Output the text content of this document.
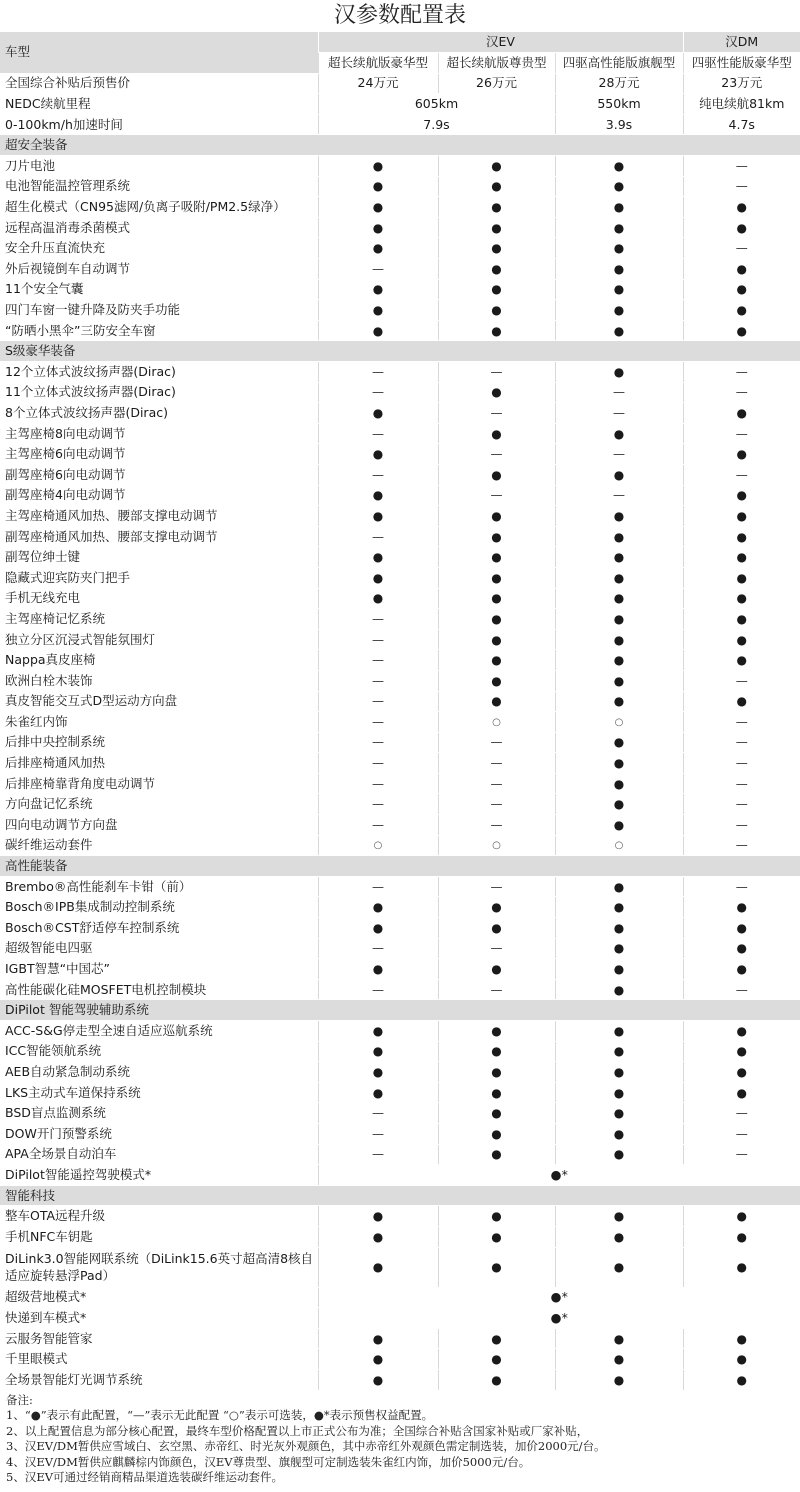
汉参数配置表
车型	汉EV			汉DM
	超长续航版豪华型	超长续航版尊贵型	四驱高性能版旗舰型	四驱性能版豪华型
全国综合补贴后预售价	24万元	26万元	28万元	23万元
NEDC续航里程	605km		550km	纯电续航81km
0-100km/h加速时间	7.9s		3.9s	4.7s
超安全装备				
刀片电池	●	●	●	—
电池智能温控管理系统	●	●	●	—
超生化模式（CN95滤网/负离子吸附/PM2.5绿净）	●	●	●	●
远程高温消毒杀菌模式	●	●	●	●
安全升压直流快充	●	●	●	—
外后视镜倒车自动调节	—	●	●	●
11个安全气囊	●	●	●	●
四门车窗一键升降及防夹手功能	●	●	●	●
“防晒小黑伞”三防安全车窗	●	●	●	●
S级豪华装备				
12个立体式波纹扬声器(Dirac)	—	—	●	—
11个立体式波纹扬声器(Dirac)	—	●	—	—
8个立体式波纹扬声器(Dirac)	●	—	—	●
主驾座椅8向电动调节	—	●	●	—
主驾座椅6向电动调节	●	—	—	●
副驾座椅6向电动调节	—	●	●	—
副驾座椅4向电动调节	●	—	—	●
主驾座椅通风加热、腰部支撑电动调节	●	●	●	●
副驾座椅通风加热、腰部支撑电动调节	—	●	●	●
副驾位绅士键	●	●	●	●
隐藏式迎宾防夹门把手	●	●	●	●
手机无线充电	●	●	●	●
主驾座椅记忆系统	—	●	●	●
独立分区沉浸式智能氛围灯	—	●	●	●
Nappa真皮座椅	—	●	●	●
欧洲白栓木装饰	—	●	●	—
真皮智能交互式D型运动方向盘	—	●	●	●
朱雀红内饰	—	○	○	—
后排中央控制系统	—	—	●	—
后排座椅通风加热	—	—	●	—
后排座椅靠背角度电动调节	—	—	●	—
方向盘记忆系统	—	—	●	—
四向电动调节方向盘	—	—	●	—
碳纤维运动套件	○	○	○	—
高性能装备				
Brembo®高性能刹车卡钳（前）	—	—	●	—
Bosch®IPB集成制动控制系统	●	●	●	●
Bosch®CST舒适停车控制系统	●	●	●	●
超级智能电四驱	—	—	●	●
IGBT智慧“中国芯”	●	●	●	●
高性能碳化硅MOSFET电机控制模块	—	—	●	—
DiPilot 智能驾驶辅助系统				
ACC-S&G停走型全速自适应巡航系统	●	●	●	●
ICC智能领航系统	●	●	●	●
AEB自动紧急制动系统	●	●	●	●
LKS主动式车道保持系统	●	●	●	●
BSD盲点监测系统	—	●	●	—
DOW开门预警系统	—	●	●	—
APA全场景自动泊车	—	●	●	—
DiPilot智能遥控驾驶模式*	●*			
智能科技				
整车OTA远程升级	●	●	●	●
手机NFC车钥匙	●	●	●	●
DiLink3.0智能网联系统（DiLink15.6英寸超高清8核自适应旋转悬浮Pad）	●	●	●	●
超级营地模式*	●*			
快递到车模式*	●*			
云服务智能管家	●	●	●	●
千里眼模式	●	●	●	●
全场景智能灯光调节系统	●	●	●	●
备注:
1、“●”表示有此配置，“—”表示无此配置 “○”表示可选装，●*表示预售权益配置。
2、以上配置信息为部分核心配置，最终车型价格配置以上市正式公布为准；全国综合补贴含国家补贴或厂家补贴，
3、汉EV/DM暂供应雪域白、玄空黑、赤帝红、时光灰外观颜色，其中赤帝红外观颜色需定制选装，加价2000元/台。
4、汉EV/DM暂供应麒麟棕内饰颜色，汉EV尊贵型、旗舰型可定制选装朱雀红内饰，加价5000元/台。
5、汉EV可通过经销商精品渠道选装碳纤维运动套件。
